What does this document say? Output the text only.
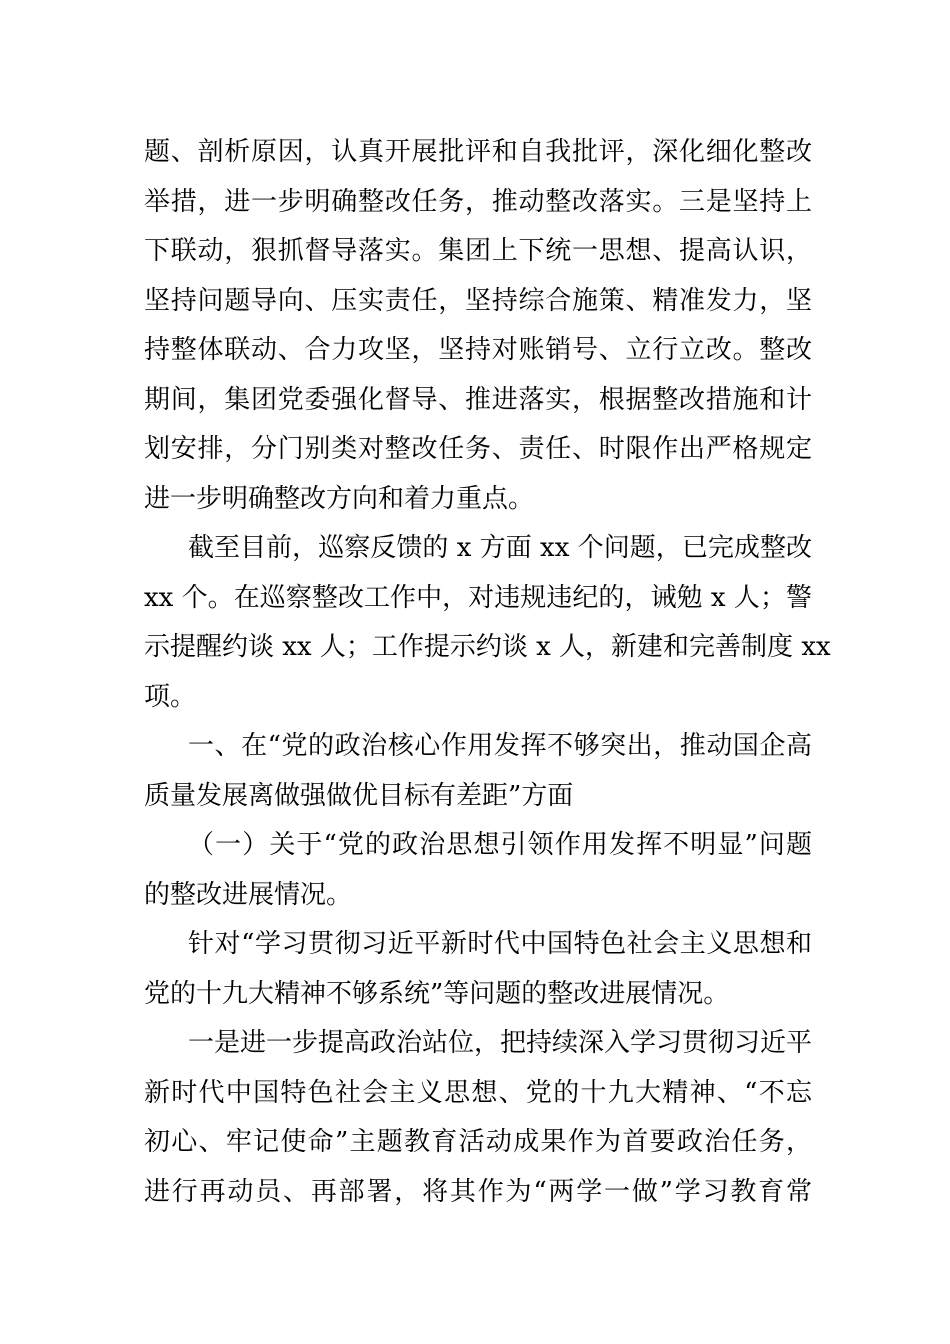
题、剖析原因，认真开展批评和自我批评，深化细化整改
举措，进一步明确整改任务，推动整改落实。三是坚持上
下联动，狠抓督导落实。集团上下统一思想、提高认识，
坚持问题导向、压实责任，坚持综合施策、精准发力，坚
持整体联动、合力攻坚，坚持对账销号、立行立改。整改
期间，集团党委强化督导、推进落实，根据整改措施和计
划安排，分门别类对整改任务、责任、时限作出严格规定
进一步明确整改方向和着力重点。
截至目前，巡察反馈的 x 方面 xx 个问题，已完成整改
xx 个。在巡察整改工作中，对违规违纪的，诫勉 x 人；警
示提醒约谈 xx 人；工作提示约谈 x 人，新建和完善制度 xx
项。
一、在“党的政治核心作用发挥不够突出，推动国企高
质量发展离做强做优目标有差距”方面
（一）关于“党的政治思想引领作用发挥不明显”问题
的整改进展情况。
针对“学习贯彻习近平新时代中国特色社会主义思想和
党的十九大精神不够系统”等问题的整改进展情况。
一是进一步提高政治站位，把持续深入学习贯彻习近平
新时代中国特色社会主义思想、党的十九大精神、“不忘
初心、牢记使命”主题教育活动成果作为首要政治任务，
进行再动员、再部署，将其作为“两学一做”学习教育常
